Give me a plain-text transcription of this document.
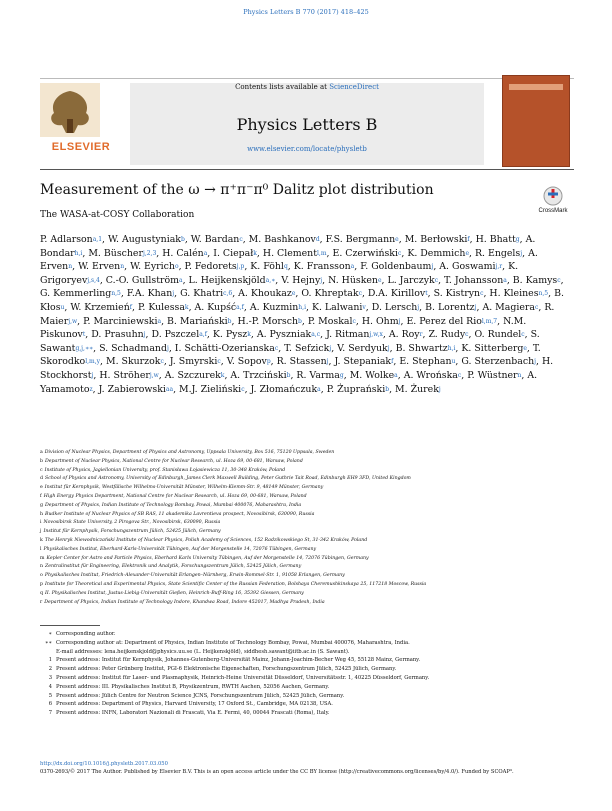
Physics Letters B 770 (2017) 418–425
ELSEVIER
Contents lists available at ScienceDirect
Physics Letters B
www.elsevier.com/locate/physletb
Measurement of the ω → π⁺π⁻π⁰ Dalitz plot distribution
CrossMark
The WASA-at-COSY Collaboration
P. Adlarson$^{a,1}$, W. Augustyniak$^b$, W. Bardan$^c$, M. Bashkanov$^d$, F.S. Bergmann$^e$, M. Berłowski$^f$, H. Bhatt$^g$, A. Bondar$^{h,i}$, M. Büscher$^{j,2,3}$, H. Calén$^a$, I. Ciepał$^k$, H. Clement$^{l,m}$, E. Czerwiński$^c$, K. Demmich$^e$, R. Engels$^j$, A. Erven$^n$, W. Erven$^n$, W. Eyrich$^o$, P. Fedorets$^{j,p}$, K. Föhl$^q$, K. Fransson$^a$, F. Goldenbaum$^j$, A. Goswami$^{j,r}$, K. Grigoryev$^{j,s,4}$, C.-O. Gullström$^a$, L. Heijkenskjöld$^{a,∗}$, V. Hejny$^j$, N. Hüsken$^e$, L. Jarczyk$^c$, T. Johansson$^a$, B. Kamys$^c$, G. Kemmerling$^{n,5}$, F.A. Khan$^j$, G. Khatri$^{c,6}$, A. Khoukaz$^e$, O. Khreptak$^c$, D.A. Kirillov$^t$, S. Kistryn$^c$, H. Kleines$^{n,5}$, B. Kłos$^u$, W. Krzemień$^f$, P. Kulessa$^k$, A. Kupść$^{a,f}$, A. Kuzmin$^{h,i}$, K. Lalwani$^v$, D. Lersch$^j$, B. Lorentz$^j$, A. Magiera$^c$, R. Maier$^{j,w}$, P. Marciniewski$^a$, B. Mariański$^b$, H.-P. Morsch$^b$, P. Moskal$^c$, H. Ohm$^j$, E. Perez del Rio$^{l,m,7}$, N.M. Piskunov$^t$, D. Prasuhn$^j$, D. Pszczel$^{a,f}$, K. Pysz$^k$, A. Pyszniak$^{a,c}$, J. Ritman$^{j,w,x}$, A. Roy$^r$, Z. Rudy$^c$, O. Rundel$^c$, S. Sawant$^{g,j,∗∗}$, S. Schadmand$^j$, I. Schätti-Ozerianska$^c$, T. Sefzick$^j$, V. Serdyuk$^j$, B. Shwartz$^{h,i}$, K. Sitterberg$^e$, T. Skorodko$^{l,m,y}$, M. Skurzok$^c$, J. Smyrski$^c$, V. Sopov$^p$, R. Stassen$^j$, J. Stepaniak$^f$, E. Stephan$^u$, G. Sterzenbach$^j$, H. Stockhorst$^j$, H. Ströher$^{j,w}$, A. Szczurek$^k$, A. Trzciński$^b$, R. Varma$^g$, M. Wolke$^a$, A. Wrońska$^c$, P. Wüstner$^n$, A. Yamamoto$^z$, J. Zabierowski$^{aa}$, M.J. Zieliński$^c$, J. Złomańczuk$^a$, P. Żuprański$^b$, M. Żurek$^j$
a Division of Nuclear Physics, Department of Physics and Astronomy, Uppsala University, Box 516, 75120 Uppsala, Sweden
b Department of Nuclear Physics, National Centre for Nuclear Research, ul. Hoza 69, 00-681, Warsaw, Poland
c Institute of Physics, Jagiellonian University, prof. Stanisława Łojasiewicza 11, 30-348 Kraków, Poland
d School of Physics and Astronomy, University of Edinburgh, James Clerk Maxwell Building, Peter Guthrie Tait Road, Edinburgh EH9 3FD, United Kingdom
e Institut für Kernphysik, Westfälische Wilhelms-Universität Münster, Wilhelm-Klemm-Str. 9, 48149 Münster, Germany
f High Energy Physics Department, National Centre for Nuclear Research, ul. Hoza 69, 00-681, Warsaw, Poland
g Department of Physics, Indian Institute of Technology Bombay, Powai, Mumbai 400076, Maharashtra, India
h Budker Institute of Nuclear Physics of SB RAS, 11 akademika Lavrentieva prospect, Novosibirsk, 630090, Russia
i Novosibirsk State University, 2 Pirogova Str., Novosibirsk, 630090, Russia
j Institut für Kernphysik, Forschungszentrum Jülich, 52425 Jülich, Germany
k The Henryk Niewodniczański Institute of Nuclear Physics, Polish Academy of Sciences, 152 Radzikowskiego St, 31-342 Kraków, Poland
l Physikalisches Institut, Eberhard-Karls-Universität Tübingen, Auf der Morgenstelle 14, 72076 Tübingen, Germany
m Kepler Center for Astro and Particle Physics, Eberhard Karls University Tübingen, Auf der Morgenstelle 14, 72076 Tübingen, Germany
n Zentralinstitut für Engineering, Elektronik und Analytik, Forschungszentrum Jülich, 52425 Jülich, Germany
o Physikalisches Institut, Friedrich-Alexander-Universität Erlangen–Nürnberg, Erwin-Rommel-Str. 1, 91058 Erlangen, Germany
p Institute for Theoretical and Experimental Physics, State Scientific Center of the Russian Federation, Bolshaya Cheremushkinskaya 25, 117218 Moscow, Russia
q II. Physikalisches Institut, Justus-Liebig-Universität Gießen, Heinrich-Buff-Ring 16, 35392 Giessen, Germany
r Department of Physics, Indian Institute of Technology Indore, Khandwa Road, Indore 452017, Madhya Pradesh, India
∗ Corresponding author.
∗∗ Corresponding author at: Department of Physics, Indian Institute of Technology Bombay, Powai, Mumbai 400076, Maharashtra, India.
E-mail addresses: lena.heijkenskjold@physics.uu.se (L. Heijkenskjöld), siddhesh.sawant@iitb.ac.in (S. Sawant).
1 Present address: Institut für Kernphysik, Johannes-Gutenberg-Universität Mainz, Johann-Joachim-Becher Weg 45, 55128 Mainz, Germany.
2 Present address: Peter Grünberg Institut, PGI-6 Elektronische Eigenschaften, Forschungszentrum Jülich, 52425 Jülich, Germany.
3 Present address: Institut für Laser- und Plasmaphysik, Heinrich-Heine Universität Düsseldorf, Universitätsstr. 1, 40225 Düsseldorf, Germany.
4 Present address: III. Physikalisches Institut B, Physikzentrum, RWTH Aachen, 52056 Aachen, Germany.
5 Present address: Jülich Centre for Neutron Science JCNS, Forschungszentrum Jülich, 52425 Jülich, Germany.
6 Present address: Department of Physics, Harvard University, 17 Oxford St., Cambridge, MA 02138, USA.
7 Present address: INFN, Laboratori Nazionali di Frascati, Via E. Fermi, 40, 00044 Frascati (Roma), Italy.
http://dx.doi.org/10.1016/j.physletb.2017.03.050
0370-2693/© 2017 The Author. Published by Elsevier B.V. This is an open access article under the CC BY license (http://creativecommons.org/licenses/by/4.0/). Funded by SCOAP³.
